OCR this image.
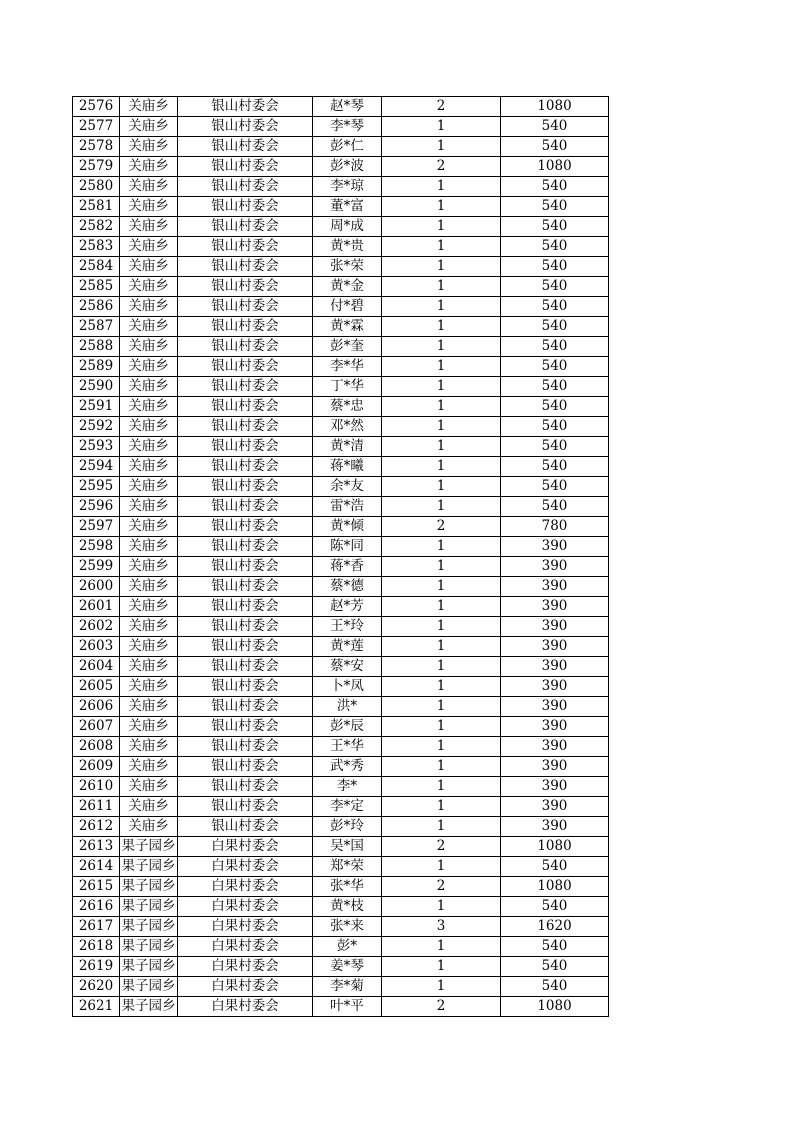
2576	关庙乡	银山村委会	赵*琴	2	1080
2577	关庙乡	银山村委会	李*琴	1	540
2578	关庙乡	银山村委会	彭*仁	1	540
2579	关庙乡	银山村委会	彭*波	2	1080
2580	关庙乡	银山村委会	李*琼	1	540
2581	关庙乡	银山村委会	董*富	1	540
2582	关庙乡	银山村委会	周*成	1	540
2583	关庙乡	银山村委会	黄*贵	1	540
2584	关庙乡	银山村委会	张*荣	1	540
2585	关庙乡	银山村委会	黄*金	1	540
2586	关庙乡	银山村委会	付*碧	1	540
2587	关庙乡	银山村委会	黄*霖	1	540
2588	关庙乡	银山村委会	彭*奎	1	540
2589	关庙乡	银山村委会	李*华	1	540
2590	关庙乡	银山村委会	丁*华	1	540
2591	关庙乡	银山村委会	蔡*忠	1	540
2592	关庙乡	银山村委会	邓*然	1	540
2593	关庙乡	银山村委会	黄*清	1	540
2594	关庙乡	银山村委会	蒋*曦	1	540
2595	关庙乡	银山村委会	余*友	1	540
2596	关庙乡	银山村委会	雷*浩	1	540
2597	关庙乡	银山村委会	黄*倾	2	780
2598	关庙乡	银山村委会	陈*同	1	390
2599	关庙乡	银山村委会	蒋*香	1	390
2600	关庙乡	银山村委会	蔡*德	1	390
2601	关庙乡	银山村委会	赵*芳	1	390
2602	关庙乡	银山村委会	王*玲	1	390
2603	关庙乡	银山村委会	黄*莲	1	390
2604	关庙乡	银山村委会	蔡*安	1	390
2605	关庙乡	银山村委会	卜*凤	1	390
2606	关庙乡	银山村委会	洪*	1	390
2607	关庙乡	银山村委会	彭*辰	1	390
2608	关庙乡	银山村委会	王*华	1	390
2609	关庙乡	银山村委会	武*秀	1	390
2610	关庙乡	银山村委会	李*	1	390
2611	关庙乡	银山村委会	李*定	1	390
2612	关庙乡	银山村委会	彭*玲	1	390
2613	果子园乡	白果村委会	吴*国	2	1080
2614	果子园乡	白果村委会	郑*荣	1	540
2615	果子园乡	白果村委会	张*华	2	1080
2616	果子园乡	白果村委会	黄*枝	1	540
2617	果子园乡	白果村委会	张*来	3	1620
2618	果子园乡	白果村委会	彭*	1	540
2619	果子园乡	白果村委会	姜*琴	1	540
2620	果子园乡	白果村委会	李*菊	1	540
2621	果子园乡	白果村委会	叶*平	2	1080
